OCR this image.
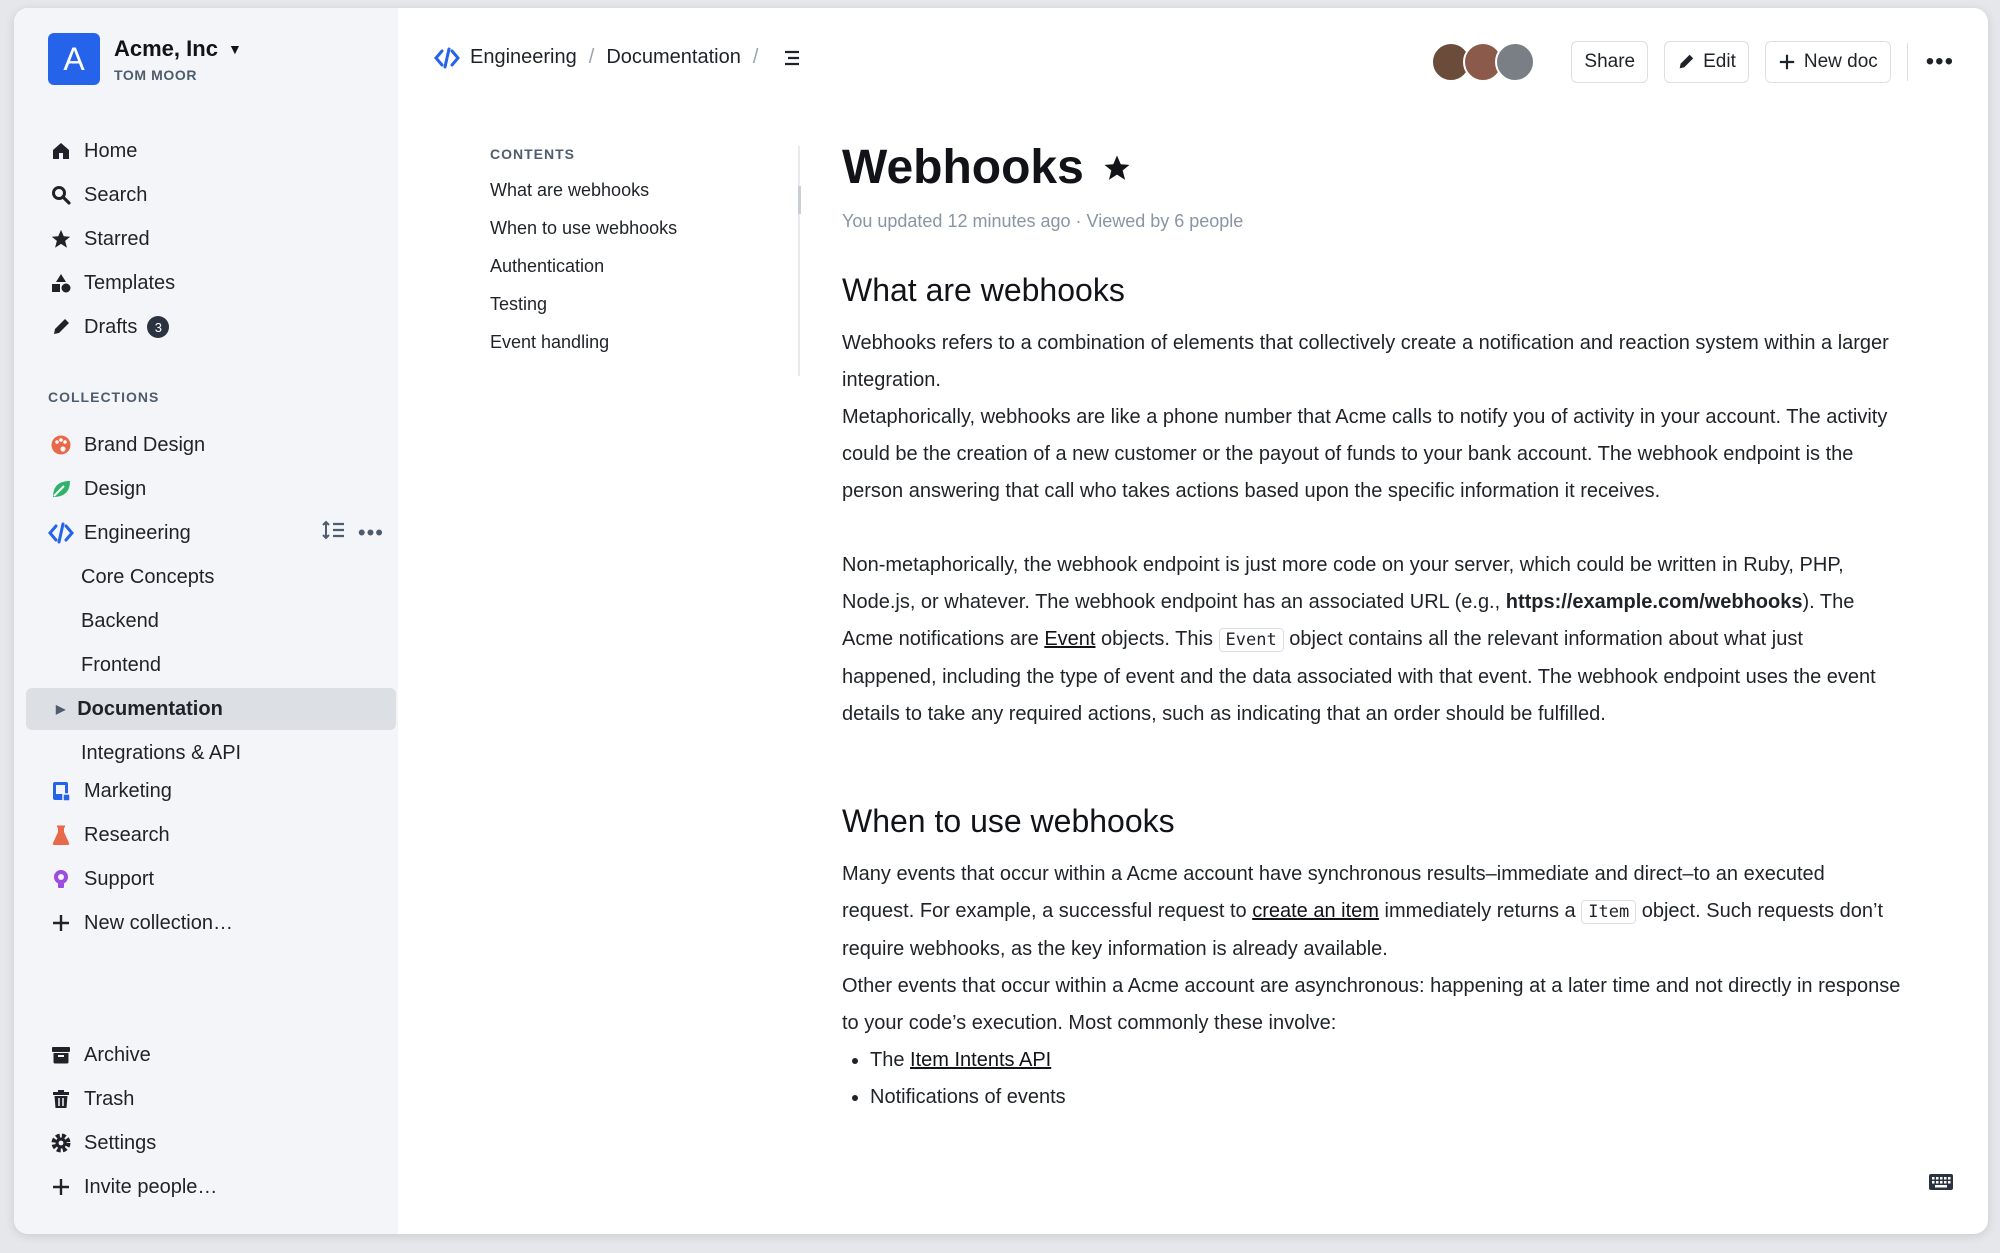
A	Acme, Inc ▼
TOM MOOR
Home
Search
Starred
Templates
Drafts	3
COLLECTIONS
Brand Design
Design
Engineering	•••
Core Concepts
Backend
Frontend
▶ Documentation
Integrations & API
Marketing
Research
Support
New collection…
Archive
Trash
Settings
Invite people…
Engineering / Documentation /	Share	Edit	New doc •••
CONTENTS
What are webhooks
When to use webhooks
Authentication
Testing
Event handling
Webhooks
You updated 12 minutes ago · Viewed by 6 people
What are webhooks

Webhooks refers to a combination of elements that collectively create a notification and reaction system within a larger integration.

Metaphorically, webhooks are like a phone number that Acme calls to notify you of activity in your account. The activity could be the creation of a new customer or the payout of funds to your bank account. The webhook endpoint is the person answering that call who takes actions based upon the specific information it receives.

Non-metaphorically, the webhook endpoint is just more code on your server, which could be written in Ruby, PHP, Node.js, or whatever. The webhook endpoint has an associated URL (e.g., https://example.com/webhooks). The Acme notifications are Event objects. This Event object contains all the relevant information about what just happened, including the type of event and the data associated with that event. The webhook endpoint uses the event details to take any required actions, such as indicating that an order should be fulfilled.

When to use webhooks

Many events that occur within a Acme account have synchronous results–immediate and direct–to an executed request. For example, a successful request to create an item immediately returns a Item object. Such requests don’t require webhooks, as the key information is already available.

Other events that occur within a Acme account are asynchronous: happening at a later time and not directly in response to your code’s execution. Most commonly these involve:

• The Item Intents API
• Notifications of events
